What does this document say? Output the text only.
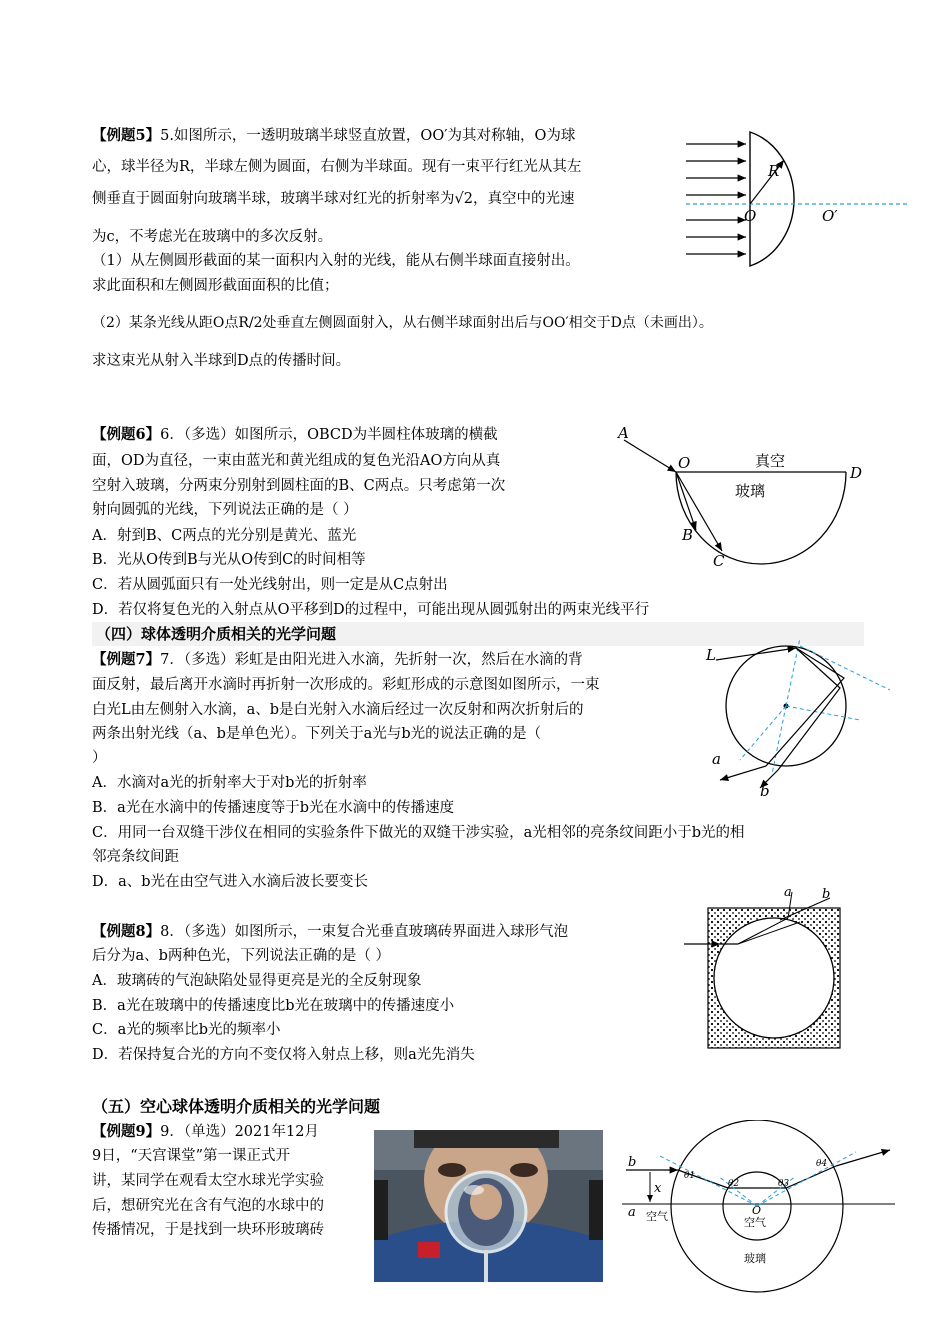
【例题5】5.如图所示，一透明玻璃半球竖直放置，OO′为其对称轴，O为球
心，球半径为R，半球左侧为圆面，右侧为半球面。现有一束平行红光从其左
侧垂直于圆面射向玻璃半球，玻璃半球对红光的折射率为√2，真空中的光速
为c，不考虑光在玻璃中的多次反射。
（1）从左侧圆形截面的某一面积内入射的光线，能从右侧半球面直接射出。
求此面积和左侧圆形截面面积的比值；
（2）某条光线从距O点R/2处垂直左侧圆面射入，从右侧半球面射出后与OO′相交于D点（未画出）。
求这束光从射入半球到D点的传播时间。
R
O	O′
【例题6】6．（多选）如图所示，OBCD为半圆柱体玻璃的横截
面，OD为直径，一束由蓝光和黄光组成的复色光沿AO方向从真
空射入玻璃，分两束分别射到圆柱面的B、C两点。只考虑第一次
射向圆弧的光线，下列说法正确的是（ ）
A．射到B、C两点的光分别是黄光、蓝光
B．光从O传到B与光从O传到C的时间相等
C．若从圆弧面只有一处光线射出，则一定是从C点射出
D．若仅将复色光的入射点从O平移到D的过程中，可能出现从圆弧射出的两束光线平行
A
O
D
B
C
真空
玻璃
（四）球体透明介质相关的光学问题
【例题7】7．（多选）彩虹是由阳光进入水滴，先折射一次，然后在水滴的背
面反射，最后离开水滴时再折射一次形成的。彩虹形成的示意图如图所示，一束
白光L由左侧射入水滴，a、b是白光射入水滴后经过一次反射和两次折射后的
两条出射光线（a、b是单色光）。下列关于a光与b光的说法正确的是（
）
A．水滴对a光的折射率大于对b光的折射率
B．a光在水滴中的传播速度等于b光在水滴中的传播速度
C．用同一台双缝干涉仪在相同的实验条件下做光的双缝干涉实验，a光相邻的亮条纹间距小于b光的相
邻亮条纹间距
D．a、b光在由空气进入水滴后波长要变长
L
a
b
【例题8】8．（多选）如图所示，一束复合光垂直玻璃砖界面进入球形气泡
后分为a、b两种色光，下列说法正确的是（ ）
A．玻璃砖的气泡缺陷处显得更亮是光的全反射现象
B．a光在玻璃中的传播速度比b光在玻璃中的传播速度小
C．a光的频率比b光的频率小
D．若保持复合光的方向不变仅将入射点上移，则a光先消失
a b
（五）空心球体透明介质相关的光学问题
【例题9】9．（单选）2021年12月
9日，“天宫课堂”第一课正式开
讲，某同学在观看太空水球光学实验
后，想研究光在含有气泡的水球中的
传播情况，于是找到一块环形玻璃砖
b
a
x
空气	空气
O
玻璃
θ1
θ2	θ3
θ4
